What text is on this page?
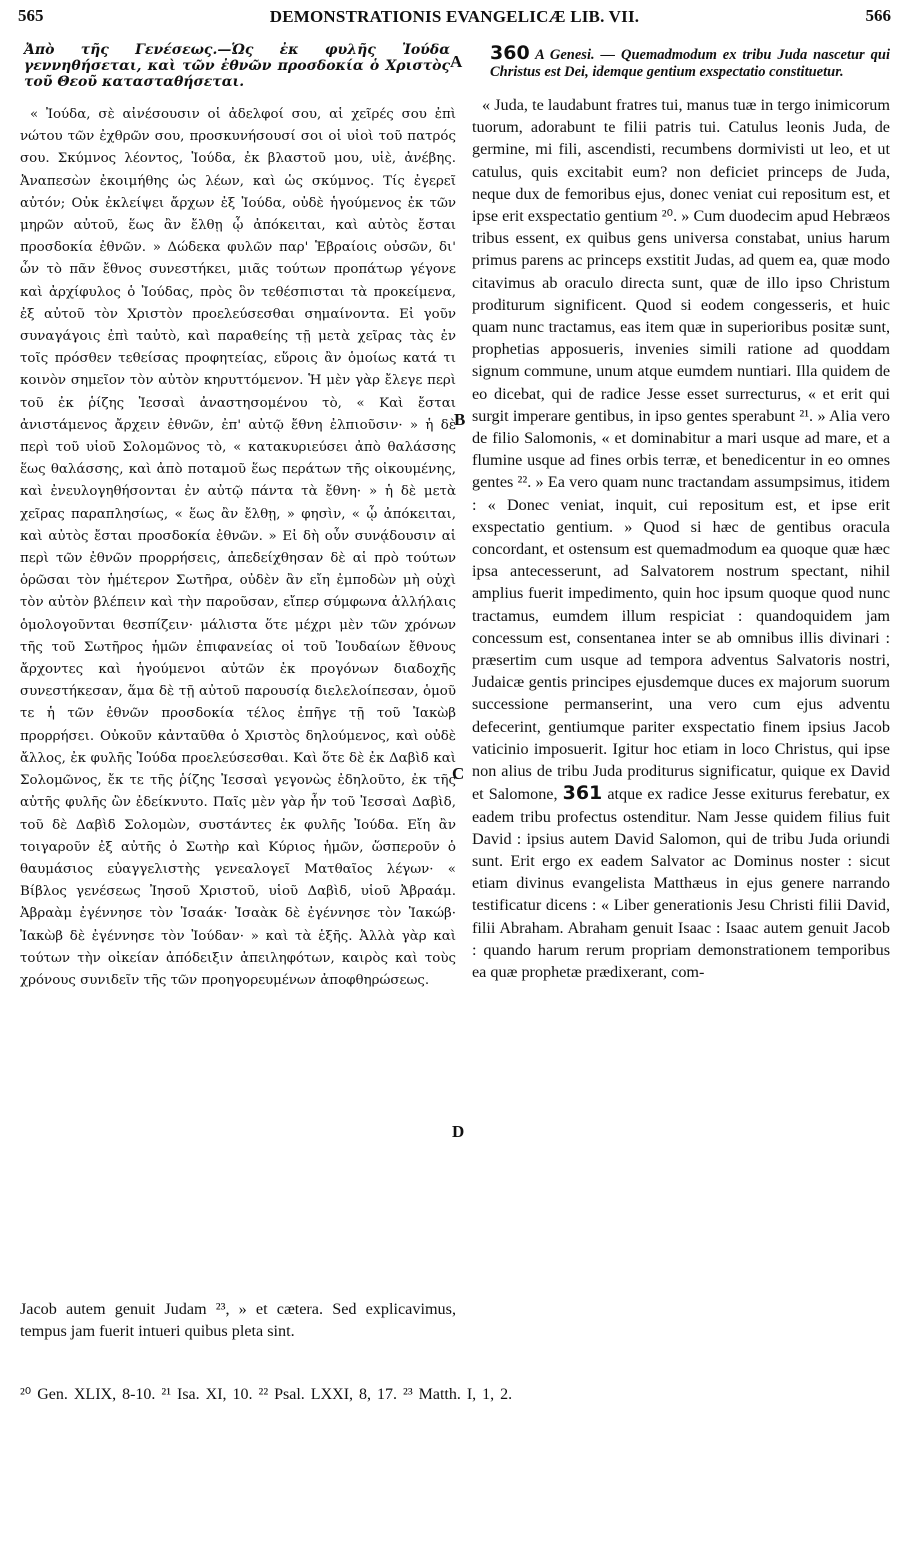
565	DEMONSTRATIONIS EVANGELICÆ LIB. VII.	566
Ἀπὸ τῆς Γενέσεως.—Ὡς ἐκ φυλῆς Ἰούδα γεννηθήσεται, καὶ τῶν ἐθνῶν προσδοκία ὁ Χριστὸς τοῦ Θεοῦ κατασταθήσεται.

« Ἰούδα, σὲ αἰνέσουσιν οἱ ἀδελφοί σου, αἱ χεῖρές σου ἐπὶ νώτου τῶν ἐχθρῶν σου, προσκυνήσουσί σοι οἱ υἱοὶ τοῦ πατρός σου. Σκύμνος λέοντος, Ἰούδα, ἐκ βλαστοῦ μου, υἱὲ, ἀνέβης. Ἀναπεσὼν ἐκοιμήθης ὡς λέων, καὶ ὡς σκύμνος. Τίς ἐγερεῖ αὐτόν; Οὐκ ἐκλείψει ἄρχων ἐξ Ἰούδα, οὐδὲ ἡγούμενος ἐκ τῶν μηρῶν αὐτοῦ, ἕως ἂν ἔλθῃ ᾧ ἀπόκειται, καὶ αὐτὸς ἔσται προσδοκία ἐθνῶν. » Δώδεκα φυλῶν παρ' Ἑβραίοις οὐσῶν, δι' ὧν τὸ πᾶν ἔθνος συνεστήκει, μιᾶς τούτων προπάτωρ γέγονε καὶ ἀρχίφυλος ὁ Ἰούδας, πρὸς ὃν τεθέσπισται τὰ προκείμενα, ἐξ αὐτοῦ τὸν Χριστὸν προελεύσεσθαι σημαίνοντα. Εἰ γοῦν συναγάγοις ἐπὶ ταὐτὸ, καὶ παραθείης τῇ μετὰ χεῖρας τὰς ἐν τοῖς πρόσθεν τεθείσας προφητείας, εὕροις ἂν ὁμοίως κατά τι κοινὸν σημεῖον τὸν αὐτὸν κηρυττόμενον. Ἡ μὲν γὰρ ἔλεγε περὶ τοῦ ἐκ ῥίζης Ἰεσσαὶ ἀναστησομένου τὸ, « Καὶ ἔσται ἀνιστάμενος ἄρχειν ἐθνῶν, ἐπ' αὐτῷ ἔθνη ἐλπιοῦσιν· » ἡ δὲ περὶ τοῦ υἱοῦ Σολομῶνος τὸ, « κατακυριεύσει ἀπὸ θαλάσσης ἕως θαλάσσης, καὶ ἀπὸ ποταμοῦ ἕως περάτων τῆς οἰκουμένης, καὶ ἐνευλογηθήσονται ἐν αὐτῷ πάντα τὰ ἔθνη· » ἡ δὲ μετὰ χεῖρας παραπλησίως, « ἕως ἂν ἔλθῃ, » φησὶν, « ᾧ ἀπόκειται, καὶ αὐτὸς ἔσται προσδοκία ἐθνῶν. » Εἰ δὴ οὖν συνᾴδουσιν αἱ περὶ τῶν ἐθνῶν προρρήσεις, ἀπεδείχθησαν δὲ αἱ πρὸ τούτων ὁρῶσαι τὸν ἡμέτερον Σωτῆρα, οὐδὲν ἂν εἴη ἐμποδὼν μὴ οὐχὶ τὸν αὐτὸν βλέπειν καὶ τὴν παροῦσαν, εἴπερ σύμφωνα ἀλλήλαις ὁμολογοῦνται θεσπίζειν· μάλιστα ὅτε μέχρι μὲν τῶν χρόνων τῆς τοῦ Σωτῆρος ἡμῶν ἐπιφανείας οἱ τοῦ Ἰουδαίων ἔθνους ἄρχοντες καὶ ἡγούμενοι αὐτῶν ἐκ προγόνων διαδοχῆς συνεστήκεσαν, ἅμα δὲ τῇ αὐτοῦ παρουσίᾳ διελελοίπεσαν, ὁμοῦ τε ἡ τῶν ἐθνῶν προσδοκία τέλος ἐπῆγε τῇ τοῦ Ἰακὼβ προρρήσει. Οὐκοῦν κἀνταῦθα ὁ Χριστὸς δηλούμενος, καὶ οὐδὲ ἄλλος, ἐκ φυλῆς Ἰούδα προελεύσεσθαι. Καὶ ὅτε δὲ ἐκ Δαβὶδ καὶ Σολομῶνος, ἔκ τε τῆς ῥίζης Ἰεσσαὶ γεγονὼς ἐδηλοῦτο, ἐκ τῆς αὐτῆς φυλῆς ὢν ἐδείκνυτο. Παῖς μὲν γὰρ ἦν τοῦ Ἰεσσαὶ Δαβὶδ, τοῦ δὲ Δαβὶδ Σολομὼν, συστάντες ἐκ φυλῆς Ἰούδα. Εἴη ἂν τοιγαροῦν ἐξ αὐτῆς ὁ Σωτὴρ καὶ Κύριος ἡμῶν, ὥσπεροῦν ὁ θαυμάσιος εὐαγγελιστὴς γενεαλογεῖ Ματθαῖος λέγων· « Βίβλος γενέσεως Ἰησοῦ Χριστοῦ, υἱοῦ Δαβὶδ, υἱοῦ Ἀβραάμ. Ἀβραὰμ ἐγέννησε τὸν Ἰσαάκ· Ἰσαὰκ δὲ ἐγέννησε τὸν Ἰακώβ· Ἰακὼβ δὲ ἐγέννησε τὸν Ἰούδαν· » καὶ τὰ ἑξῆς. Ἀλλὰ γὰρ καὶ τούτων τὴν οἰκείαν ἀπόδειξιν ἀπειληφότων, καιρὸς καὶ τοὺς χρόνους συνιδεῖν τῆς τῶν προηγορευμένων ἀποφθηρώσεως.

A
B
C
D
360 A Genesi. — Quemadmodum ex tribu Juda nascetur qui Christus est Dei, idemque gentium exspectatio constituetur.

« Juda, te laudabunt fratres tui, manus tuæ in tergo inimicorum tuorum, adorabunt te filii patris tui. Catulus leonis Juda, de germine, mi fili, ascendisti, recumbens dormivisti ut leo, et ut catulus, quis excitabit eum? non deficiet princeps de Juda, neque dux de femoribus ejus, donec veniat cui repositum est, et ipse erit exspectatio gentium ²⁰. » Cum duodecim apud Hebræos tribus essent, ex quibus gens universa constabat, unius harum primus parens ac princeps exstitit Judas, ad quem ea, quæ modo citavimus ab oraculo directa sunt, quæ de illo ipso Christum proditurum significent. Quod si eodem congesseris, et huic quam nunc tractamus, eas item quæ in superioribus positæ sunt, prophetias apposueris, invenies simili ratione ad quoddam signum commune, unum atque eumdem nuntiari. Illa quidem de eo dicebat, qui de radice Jesse esset surrecturus, « et erit qui surgit imperare gentibus, in ipso gentes sperabunt ²¹. » Alia vero de filio Salomonis, « et dominabitur a mari usque ad mare, et a flumine usque ad fines orbis terræ, et benedicentur in eo omnes gentes ²². » Ea vero quam nunc tractandam assumpsimus, itidem : « Donec veniat, inquit, cui repositum est, et ipse erit exspectatio gentium. » Quod si hæc de gentibus oracula concordant, et ostensum est quemadmodum ea quoque quæ hæc ipsa antecesserunt, ad Salvatorem nostrum spectant, nihil amplius fuerit impedimento, quin hoc ipsum quoque quod nunc tractamus, eumdem illum respiciat : quandoquidem jam concessum est, consentanea inter se ab omnibus illis divinari : præsertim cum usque ad tempora adventus Salvatoris nostri, Judaicæ gentis principes ejusdemque duces ex majorum suorum successione permanserint, una vero cum ejus adventu defecerint, gentiumque pariter exspectatio finem ipsius Jacob vaticinio imposuerit. Igitur hoc etiam in loco Christus, qui ipse non alius de tribu Juda proditurus significatur, quique ex David et Salomone, 361 atque ex radice Jesse exiturus ferebatur, ex eadem tribu profectus ostenditur. Nam Jesse quidem filius fuit David : ipsius autem David Salomon, qui de tribu Juda oriundi sunt. Erit ergo ex eadem Salvator ac Dominus noster : sicut etiam divinus evangelista Matthæus in ejus genere narrando testificatur dicens : « Liber generationis Jesu Christi filii David, filii Abraham. Abraham genuit Isaac : Isaac autem genuit Jacob : quando harum rerum propriam demonstrationem temporibus ea quæ prophetæ prædixerant, com-

Jacob autem genuit Judam ²³, » et cætera. Sed explicavimus, tempus jam fuerit intueri quibus pleta sint.

²⁰ Gen. XLIX, 8-10. ²¹ Isa. XI, 10. ²² Psal. LXXI, 8, 17. ²³ Matth. I, 1, 2.
